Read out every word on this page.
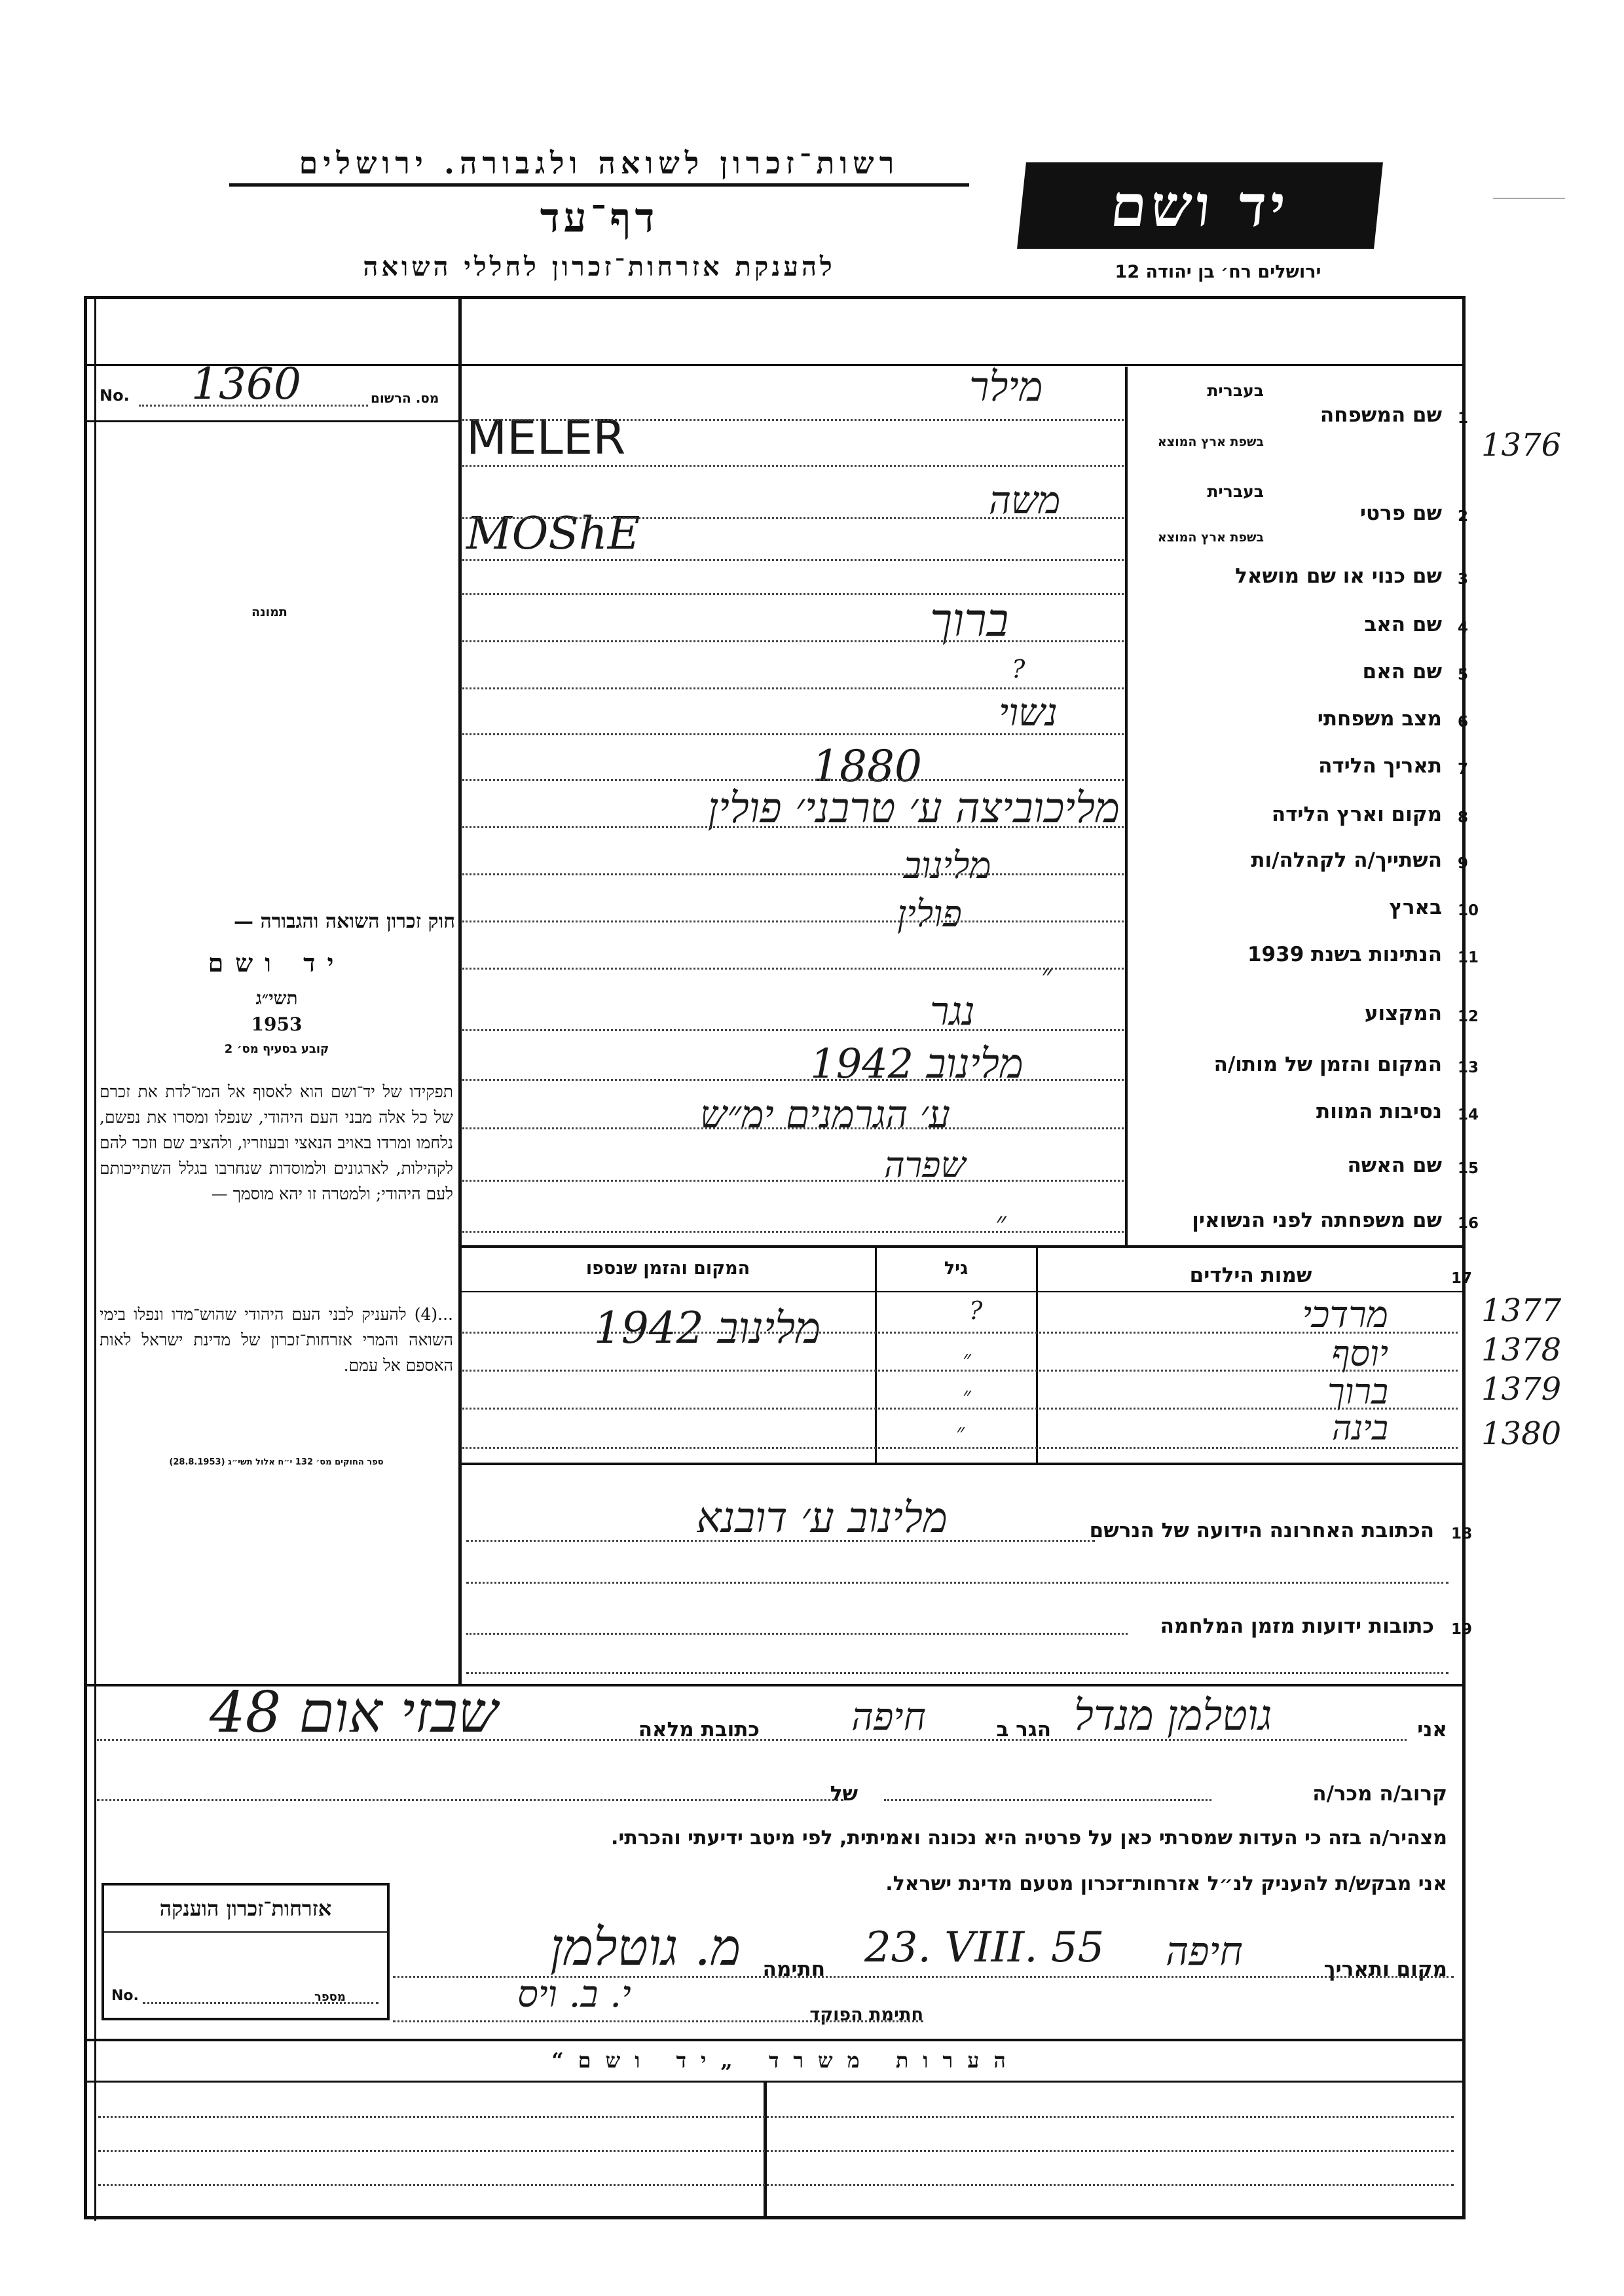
רשות־זכרון לשואה ולגבורה. ירושלים
דף־עד
להענקת אזרחות־זכרון לחללי השואה
יד ושם
ירושלים רח׳ בן יהודה 12
No. 1360	מס. הרשום
תמונה
חוק זכרון השואה והגבורה —
יד ושם
תשי״ג
1953
קובע בסעיף מס׳ 2
תפקידו של יד־ושם הוא לאסוף אל המו־לדת את זכרם של כל אלה מבני העם היהודי, שנפלו ומסרו את נפשם, נלחמו ומרדו באויב הנאצי ובעוזריו, ולהציב שם וזכר להם לקהילות, לארגונים ולמוסדות שנחרבו בגלל השתייכותם לעם היהודי; ולמטרה זו יהא מוסמך —
...(4) להעניק לבני העם היהודי שהוש־מדו ונפלו בימי השואה והמרי אזרחות־זכרון של מדינת ישראל לאות האספם אל עמם.
ספר החוקים מס׳ 132 י״ח אלול תשי״ג (28.8.1953)
1
שם המשפחה
בעברית
בשפת ארץ המוצא
מילר
MELER
2
שם פרטי
בעברית
בשפת ארץ המוצא
משה
MOShE
3
שם כנוי או שם מושאל
4
שם האב
ברוך
5
שם האם
?
6
מצב משפחתי
נשוי
7
תאריך הלידה
1880
8
מקום וארץ הלידה
מליכוביצה ע׳ טרבני׳ פולין
9
השתייך/ה לקהלה/ות
מלינוב
10
בארץ
פולין
11
הנתינות בשנת 1939
״
12
המקצוע
נגר
13
המקום והזמן של מותו/ה
מלינוב 1942
14
נסיבות המוות
ע׳ הגרמנים ימ״ש
15
שם האשה
שפרה
16
שם משפחתה לפני הנשואין
״
17
שמות הילדים
גיל
המקום והזמן שנספו
מרדכי
?
מלינוב 1942
יוסף
״
ברוך
״
בינה
״
18
הכתובת האחרונה הידועה של הנרשם
מלינוב ע׳ דובנא
19
כתובות ידועות מזמן המלחמה
אני
גוטלמן מנדל
הגר ב
חיפה
כתובת מלאה
שבזי אום 48
קרוב/ה מכר/ה
של
מצהיר/ה בזה כי העדות שמסרתי כאן על פרטיה היא נכונה ואמיתית, לפי מיטב ידיעתי והכרתי.
אני מבקש/ת להעניק לנ״ל אזרחות־זכרון מטעם מדינת ישראל.
מקום ותאריך
חיפה
23. VIII. 55
חתימה
מ. גוטלמן
חתימת הפוקד
י. ב. ויס
אזרחות־זכרון הוענקה
No.	מספר
הערות משרד „יד ושם“
1376
1377
1378
1379
1380
